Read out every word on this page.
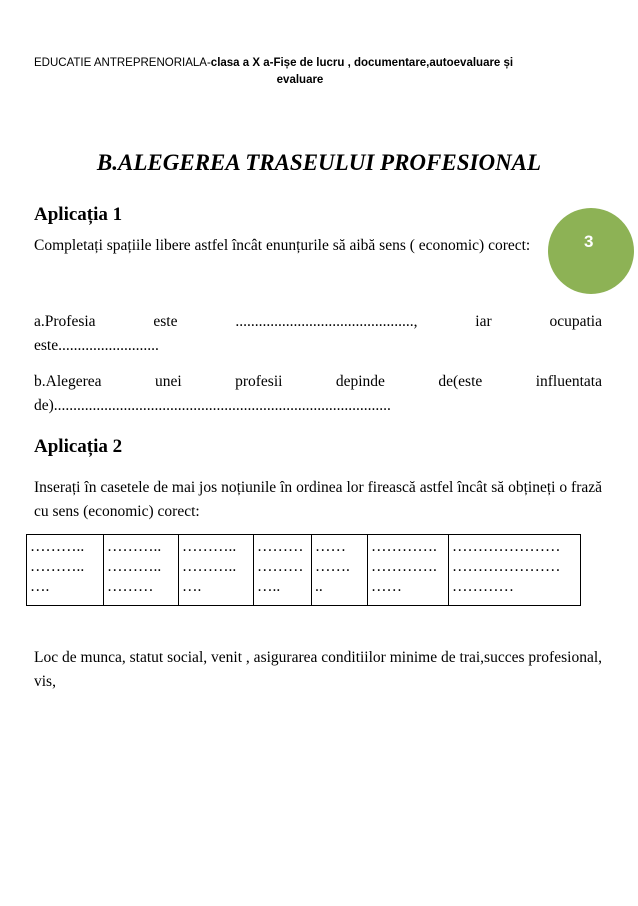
EDUCATIE ANTREPRENORIALA-clasa a X a-Fișe de lucru , documentare,autoevaluare și
evaluare
B.ALEGEREA TRASEULUI PROFESIONAL
3
Aplicația 1
Completați spațiile libere astfel încât enunțurile să aibă sens ( economic) corect:
a.Profesia	este	..............................................,	iar	ocupatia
este..........................
b.Alegerea	unei	profesii	depinde	de(este	influentata
de).......................................................................................
Aplicația 2
Inserați în casetele de mai jos noțiunile în ordinea lor firească astfel încât să obțineți o frază cu sens (economic) corect:
………..
………..
….

………..
………..
………

………..
………..
….

………
………
…..

……
…….
..

………….
………….
……

…………………
…………………
…………
Loc de munca, statut social, venit , asigurarea conditiilor minime de trai,succes profesional, vis,
